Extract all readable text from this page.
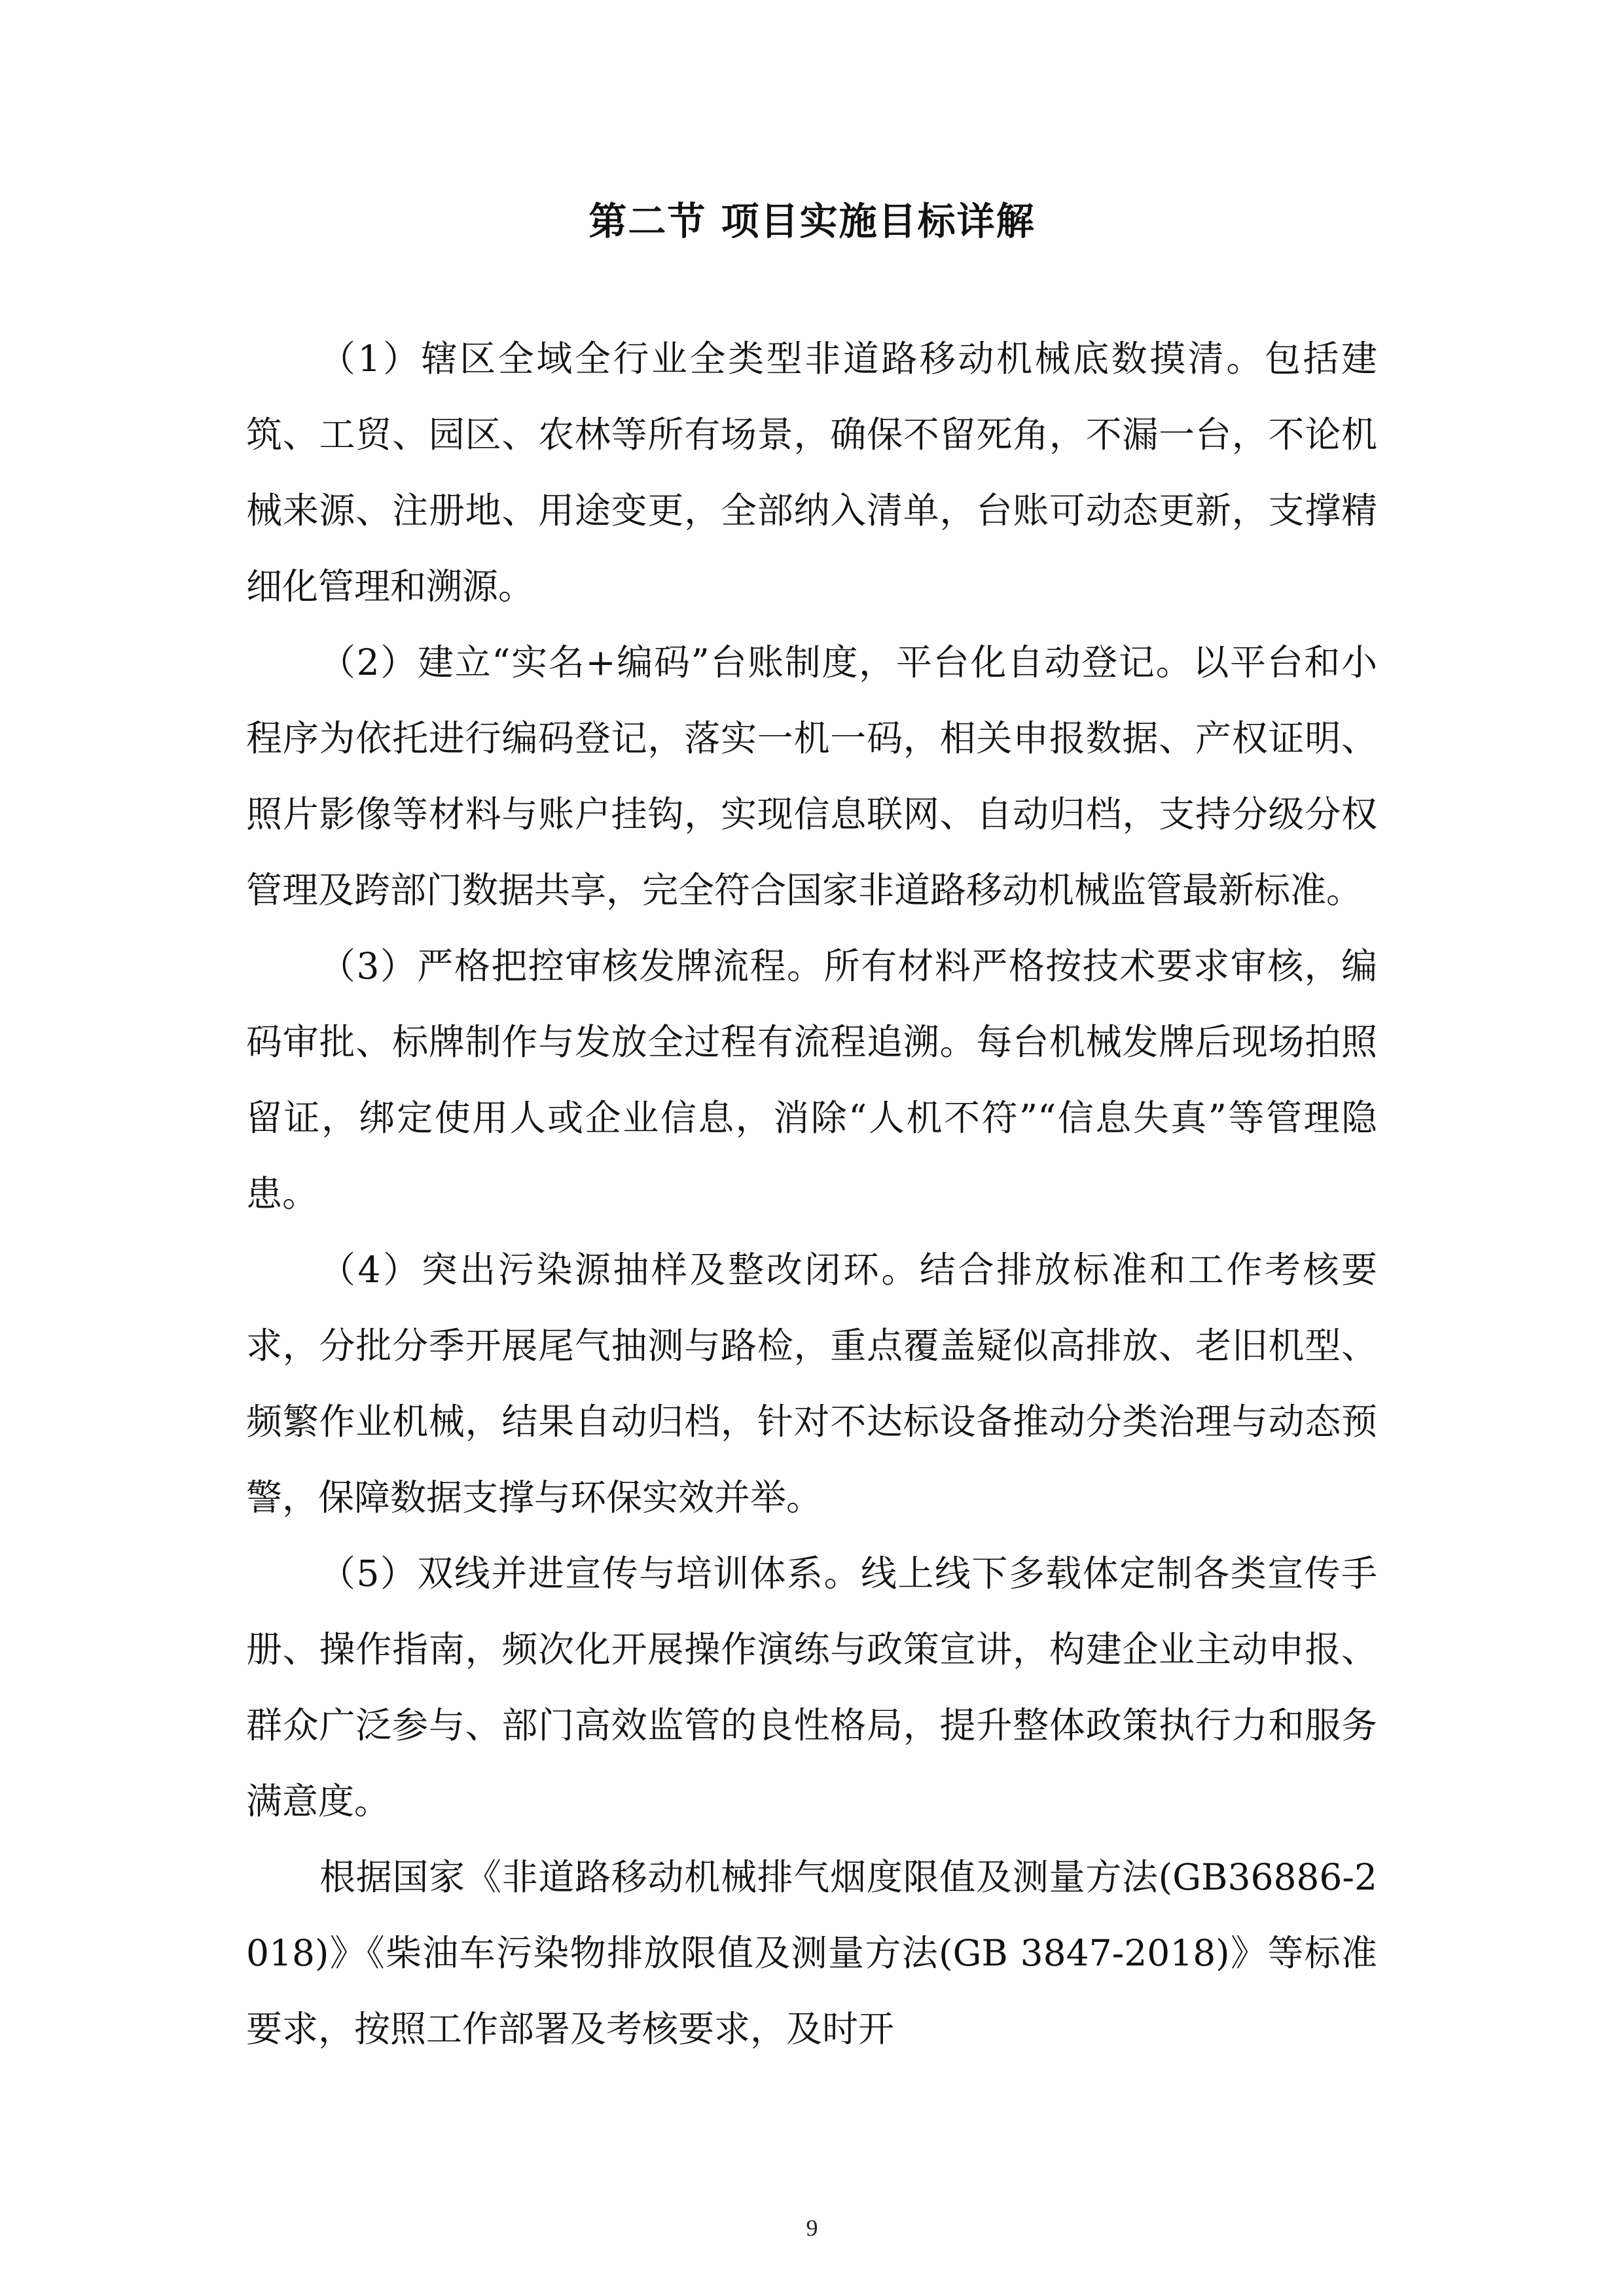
第二节 项目实施目标详解

（1）辖区全域全行业全类型非道路移动机械底数摸清。包括建筑、工贸、园区、农林等所有场景，确保不留死角，不漏一台，不论机械来源、注册地、用途变更，全部纳入清单，台账可动态更新，支撑精细化管理和溯源。

（2）建立“实名+编码”台账制度，平台化自动登记。以平台和小程序为依托进行编码登记，落实一机一码，相关申报数据、产权证明、照片影像等材料与账户挂钩，实现信息联网、自动归档，支持分级分权管理及跨部门数据共享，完全符合国家非道路移动机械监管最新标准。

（3）严格把控审核发牌流程。所有材料严格按技术要求审核，编码审批、标牌制作与发放全过程有流程追溯。每台机械发牌后现场拍照留证，绑定使用人或企业信息，消除“人机不符”“信息失真”等管理隐患。

（4）突出污染源抽样及整改闭环。结合排放标准和工作考核要求，分批分季开展尾气抽测与路检，重点覆盖疑似高排放、老旧机型、频繁作业机械，结果自动归档，针对不达标设备推动分类治理与动态预警，保障数据支撑与环保实效并举。

（5）双线并进宣传与培训体系。线上线下多载体定制各类宣传手册、操作指南，频次化开展操作演练与政策宣讲，构建企业主动申报、群众广泛参与、部门高效监管的良性格局，提升整体政策执行力和服务满意度。

根据国家《非道路移动机械排气烟度限值及测量方法(GB36886-2018)》《柴油车污染物排放限值及测量方法(GB 3847-2018)》等标准要求，按照工作部署及考核要求，及时开

9
